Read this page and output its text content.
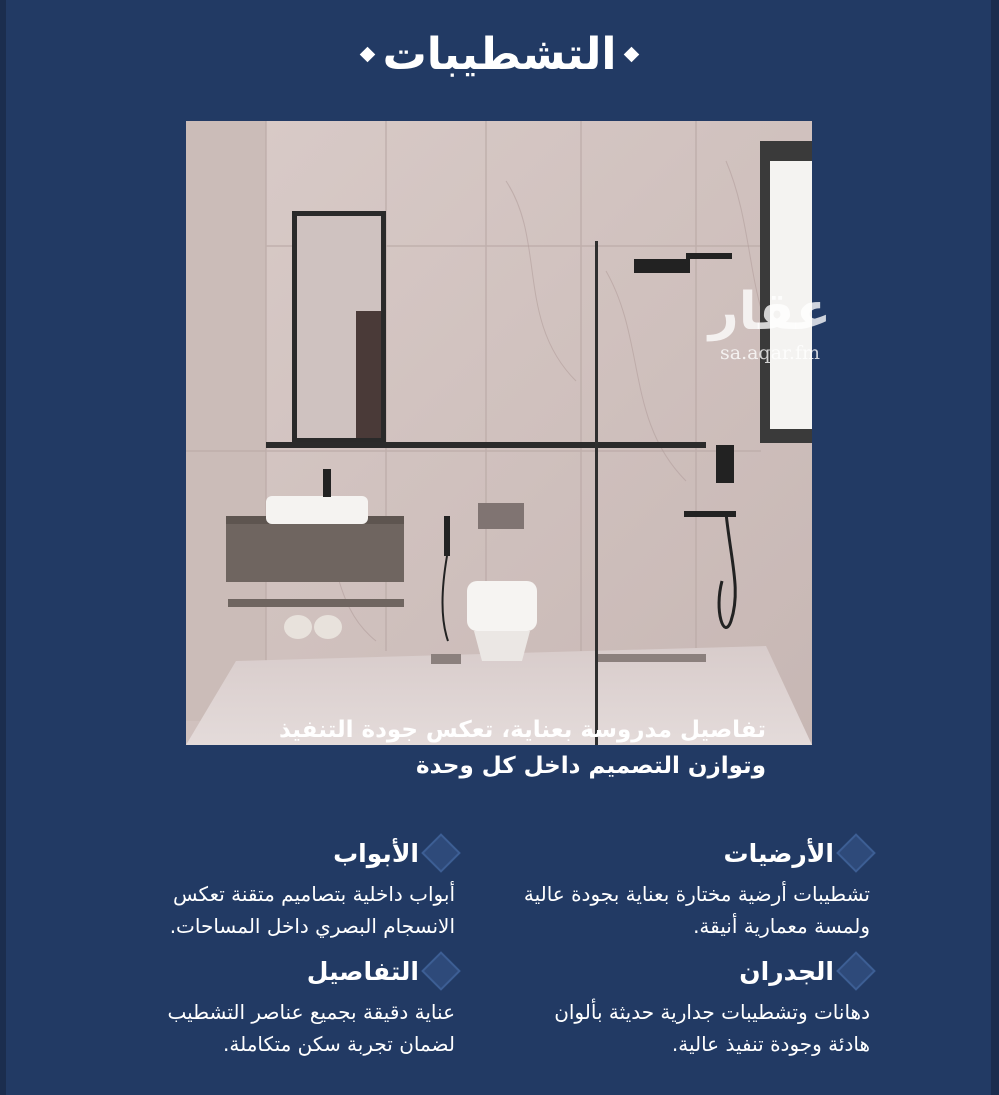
التشطيبات
عقار
sa.aqar.fm
تفاصيل مدروسة بعناية، تعكس جودة التنفيذ وتوازن التصميم داخل كل وحدة
الأرضيات
تشطيبات أرضية مختارة بعناية بجودة عالية ولمسة معمارية أنيقة.
الأبواب
أبواب داخلية بتصاميم متقنة تعكس الانسجام البصري داخل المساحات.
الجدران
دهانات وتشطيبات جدارية حديثة بألوان هادئة وجودة تنفيذ عالية.
التفاصيل
عناية دقيقة بجميع عناصر التشطيب لضمان تجربة سكن متكاملة.
